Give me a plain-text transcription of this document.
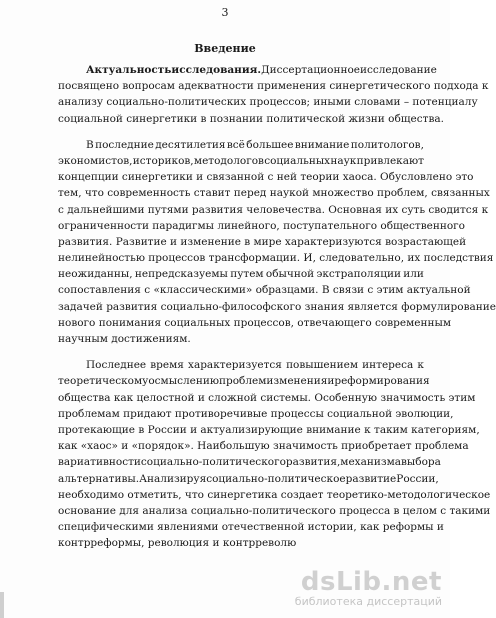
3
Введение
Актуальность исследования. Диссертационное исследование
посвящено вопросам адекватности применения синергетического подхода к
анализу социально-политических процессов; иными словами – потенциалу
социальной синергетики в познании политической жизни общества.
В последние десятилетия всё большее внимание политологов,
экономистов, историков, методологов социальных наук привлекают
концепции синергетики и связанной с ней теории хаоса. Обусловлено это
тем, что современность ставит перед наукой множество проблем, связанных
с дальнейшими путями развития человечества. Основная их суть сводится к
ограниченности парадигмы линейного, поступательного общественного
развития. Развитие и изменение в мире характеризуются возрастающей
нелинейностью процессов трансформации. И, следовательно, их последствия
неожиданны, непредсказуемы путем обычной экстраполяции или
сопоставления с «классическими» образцами. В связи с этим актуальной
задачей развития социально-философского знания является формулирование
нового понимания социальных процессов, отвечающего современным
научным достижениям.
Последнее время характеризуется повышением интереса к
теоретическому осмыслению проблем изменения и реформирования
общества как целостной и сложной системы. Особенную значимость этим
проблемам придают противоречивые процессы социальной эволюции,
протекающие в России и актуализирующие внимание к таким категориям,
как «хаос» и «порядок». Наибольшую значимость приобретает проблема
вариативности социально-политического развития, механизма выбора
альтернативы. Анализируя социально-политическое развитие России,
необходимо отметить, что синергетика создает теоретико-методологическое
основание для анализа социально-политического процесса в целом с такими
специфическими явлениями отечественной истории, как реформы и
контрреформы, революция и контрреволю
dsLib.net
библиотека диссертаций
